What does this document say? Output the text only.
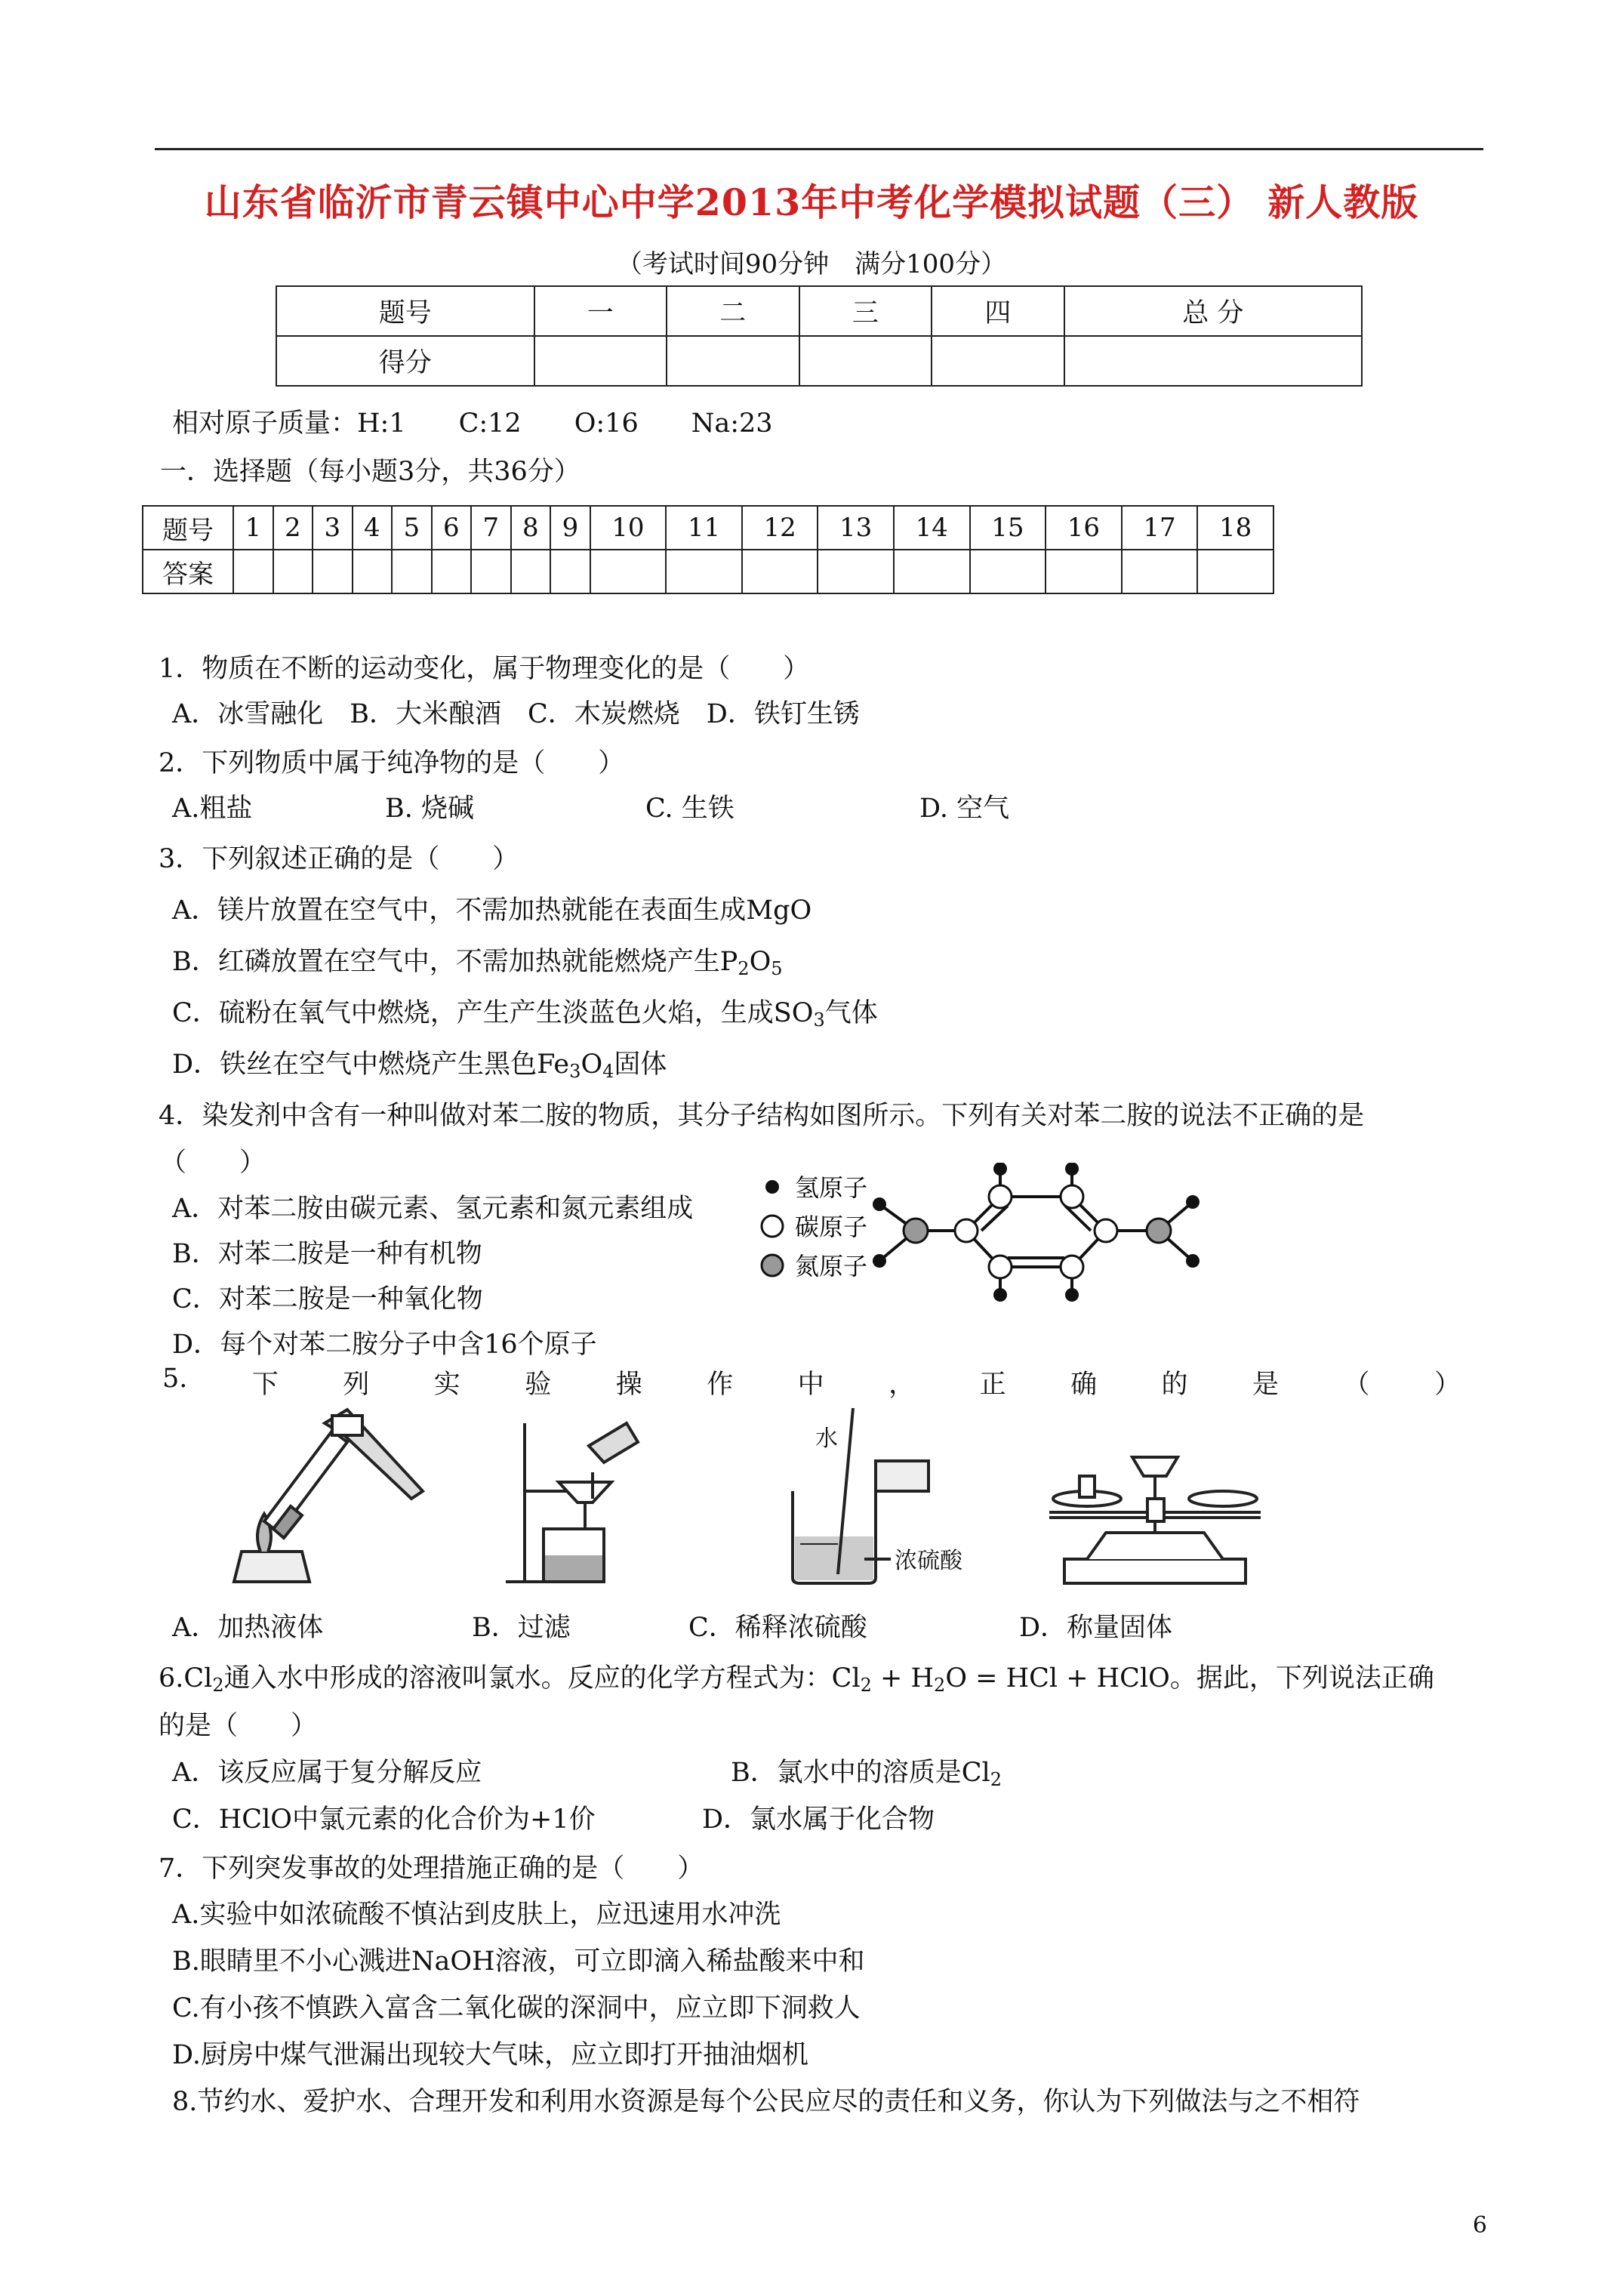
山东省临沂市青云镇中心中学2013年中考化学模拟试题（三） 新人教版
（考试时间90分钟　满分100分）
题号	一	二	三	四	总 分
得分					
相对原子质量：H:1　　C:12　　O:16　　Na:23
一．选择题（每小题3分，共36分）
题号	1	2	3	4	5	6	7	8	9	10	11	12	13	14	15	16	17	18
答案																		
1．物质在不断的运动变化，属于物理变化的是（　　）
A．冰雪融化　B．大米酿酒　C．木炭燃烧　D．铁钉生锈
2．下列物质中属于纯净物的是（　　）
A.粗盐	B. 烧碱	C. 生铁	D. 空气
3．下列叙述正确的是（　　）
A．镁片放置在空气中，不需加热就能在表面生成MgO
B．红磷放置在空气中，不需加热就能燃烧产生$P_2O_5$
C．硫粉在氧气中燃烧，产生产生淡蓝色火焰，生成$SO_3$气体
D．铁丝在空气中燃烧产生黑色$Fe_3O_4$固体
4．染发剂中含有一种叫做对苯二胺的物质，其分子结构如图所示。下列有关对苯二胺的说法不正确的是
（　　）
A．对苯二胺由碳元素、氢元素和氮元素组成
B．对苯二胺是一种有机物
C．对苯二胺是一种氧化物
D．每个对苯二胺分子中含16个原子
氢原子
碳原子
氮原子
5. 下 列 实 验 操 作 中 ， 正 确 的 是 （ ）
水
浓硫酸
A．加热液体	B．过滤	C．稀释浓硫酸	D．称量固体
$6.Cl_2$通入水中形成的溶液叫氯水。反应的化学方程式为：$Cl_2 + H_2O$ = HCl + HClO。据此，下列说法正确
的是（　　）
A．该反应属于复分解反应	B．氯水中的溶质是$Cl_2$
C．HClO中氯元素的化合价为+1价	D．氯水属于化合物
7．下列突发事故的处理措施正确的是（　　）
A.实验中如浓硫酸不慎沾到皮肤上，应迅速用水冲洗
B.眼睛里不小心溅进NaOH溶液，可立即滴入稀盐酸来中和
C.有小孩不慎跌入富含二氧化碳的深洞中，应立即下洞救人
D.厨房中煤气泄漏出现较大气味，应立即打开抽油烟机
8.节约水、爱护水、合理开发和利用水资源是每个公民应尽的责任和义务，你认为下列做法与之不相符
6
